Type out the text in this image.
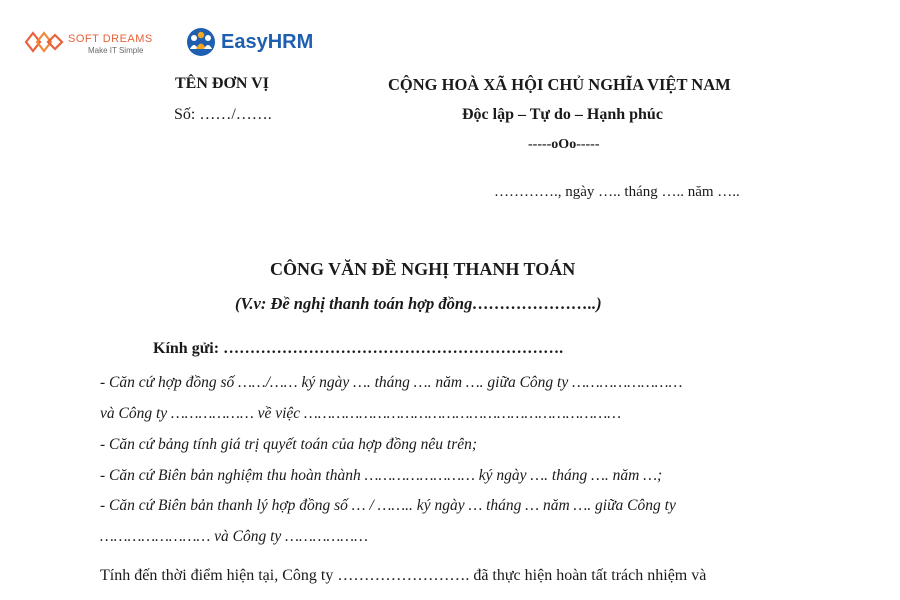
SOFT DREAMS
Make IT Simple	EasyHRM
TÊN ĐƠN VỊ
Số: ……/…….
CỘNG HOÀ XÃ HỘI CHỦ NGHĨA VIỆT NAM
Độc lập – Tự do – Hạnh phúc
-----oOo-----
…………., ngày ….. tháng ….. năm …..
CÔNG VĂN ĐỀ NGHỊ THANH TOÁN
(V.v: Đề nghị thanh toán hợp đồng…………………..)
Kính gửi: ……………………………………………………….
- Căn cứ hợp đồng số ……/…… ký ngày …. tháng …. năm …. giữa Công ty ……………………
và Công ty ……………… về việc ……………………………………………………………
- Căn cứ bảng tính giá trị quyết toán của hợp đồng nêu trên;
- Căn cứ Biên bản nghiệm thu hoàn thành …………………… ký ngày …. tháng …. năm …;
- Căn cứ Biên bản thanh lý hợp đồng số … / …….. ký ngày … tháng … năm …. giữa Công ty
…………………… và Công ty ………………
Tính đến thời điểm hiện tại, Công ty ……………………. đã thực hiện hoàn tất trách nhiệm và
